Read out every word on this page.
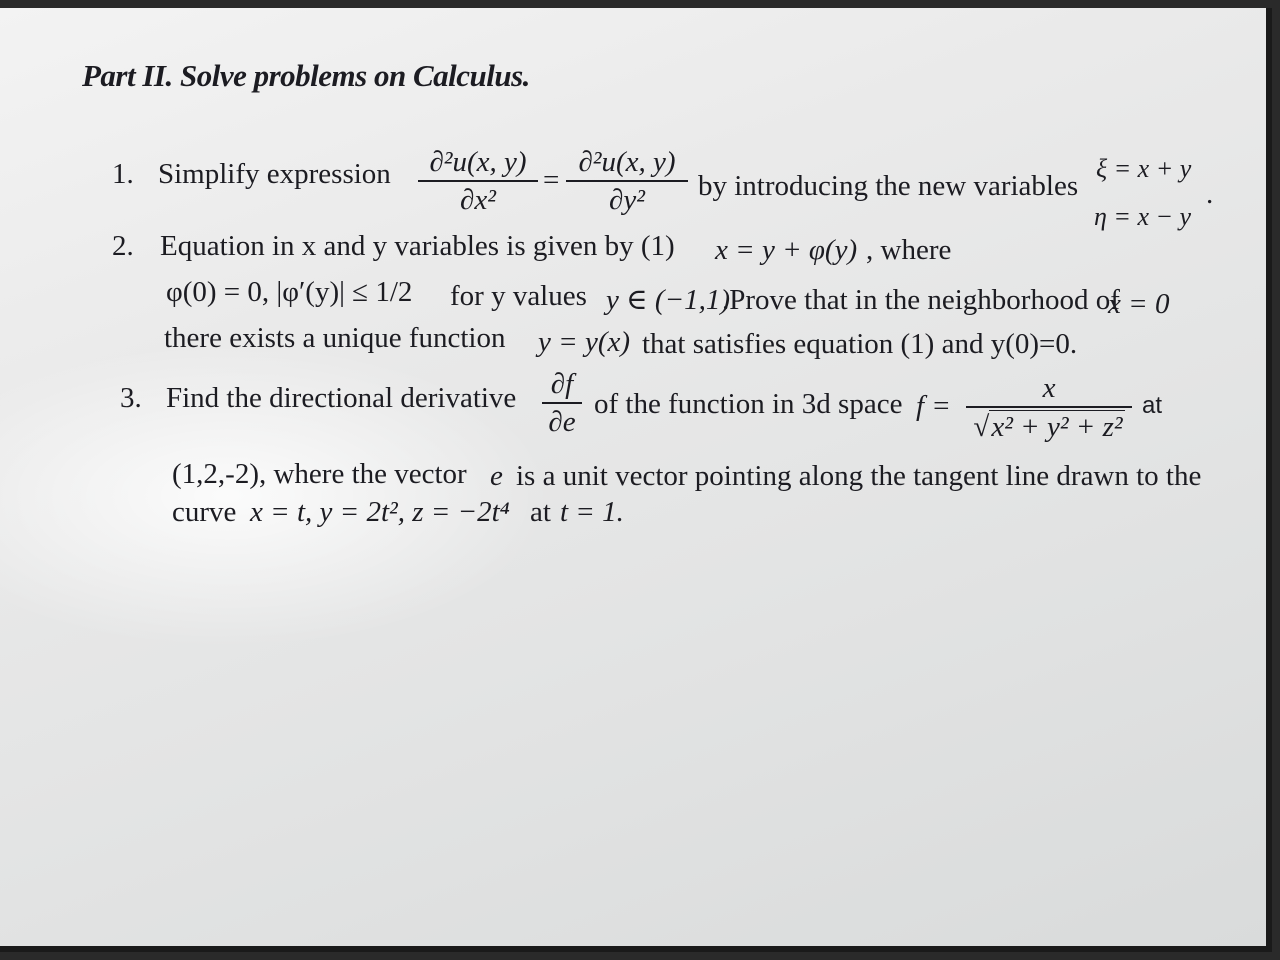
Part II. Solve problems on Calculus.
1. Simplify expression	∂²u(x, y)
∂x²
=
∂²u(x, y)
∂y²	by introducing the new variables
ξ = x + y
η = x − y
.
2. Equation in x and y variables is given by (1) x = y + φ(y) , where
φ(0) = 0, |φ′(y)| ≤ 1/2 for y values y ∈ (−1,1)
.Prove that in the neighborhood of
x = 0
there exists a unique function y = y(x) that satisfies equation (1) and y(0)=0.
3. Find the directional derivative	∂f
∂e
of the function in 3d space f =
x
√x² + y² + z²
at
(1,2,-2), where the vector e is a unit vector pointing along the tangent line drawn to the
curve x = t, y = 2t², z = −2t⁴ at t = 1.
